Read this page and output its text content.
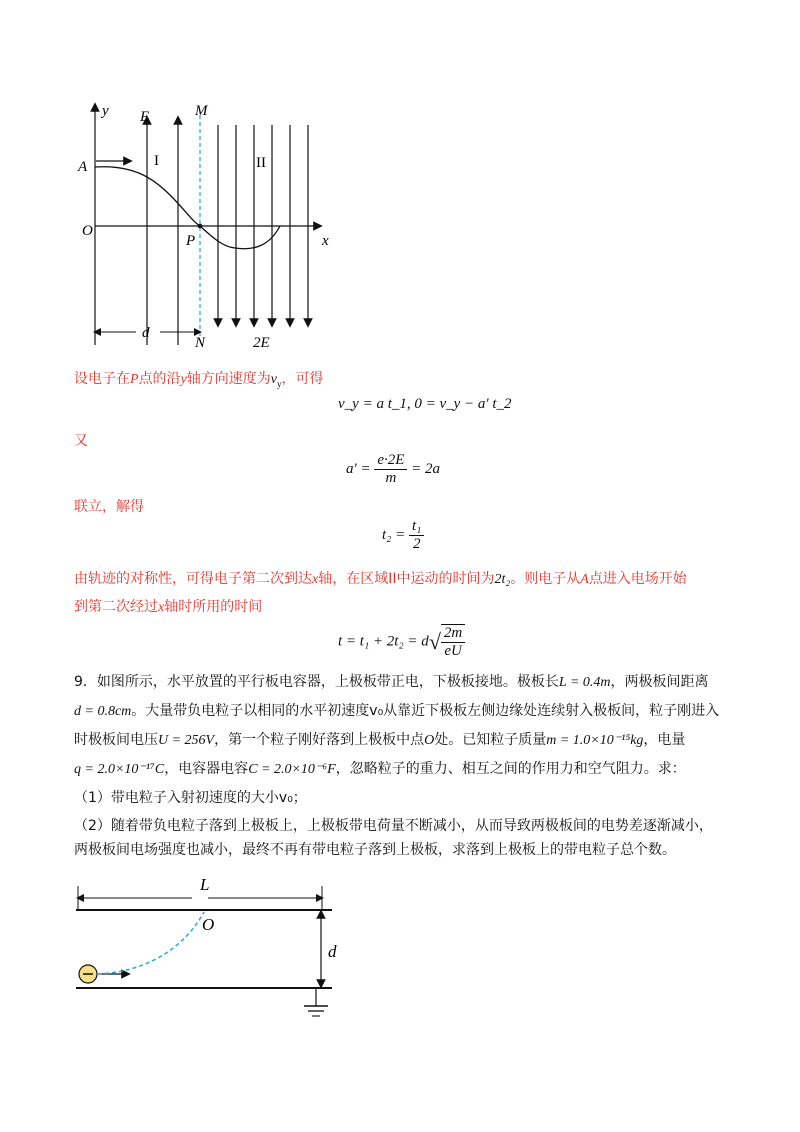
y
x
E
I
M
N
II
2E
A
O
P
d
设电子在P点的沿y轴方向速度为$v_y$，可得
v_y = a t_1, 0 = v_y − a' t_2
又
$a' = \frac{e\cdot 2E}{m} = 2a$
联立，解得
$t_2 = \frac{\text{t₁}}{2}$
由轨迹的对称性，可得电子第二次到达x轴，在区域II中运动的时间为2t₂。则电子从A点进入电场开始
到第二次经过x轴时所用的时间
$t = t_1 + 2t_2 = d√ \frac{2m}{eU}$
9．如图所示，水平放置的平行板电容器，上极板带正电，下极板接地。极板长L = 0.4m，两极板间距离
d = 0.8cm。大量带负电粒子以相同的水平初速度v₀从靠近下极板左侧边缘处连续射入极板间，粒子刚进入
时极板间电压U = 256V，第一个粒子刚好落到上极板中点O处。已知粒子质量m = 1.0×10⁻¹⁵kg，电量
q = 2.0×10⁻¹⁷C，电容器电容C = 2.0×10⁻⁶F，忽略粒子的重力、相互之间的作用力和空气阻力。求：
（1）带电粒子入射初速度的大小v₀；
（2）随着带负电粒子落到上极板上，上极板带电荷量不断减小，从而导致两极板间的电势差逐渐减小，
两极板间电场强度也减小，最终不再有带电粒子落到上极板，求落到上极板上的带电粒子总个数。
L
O
d
